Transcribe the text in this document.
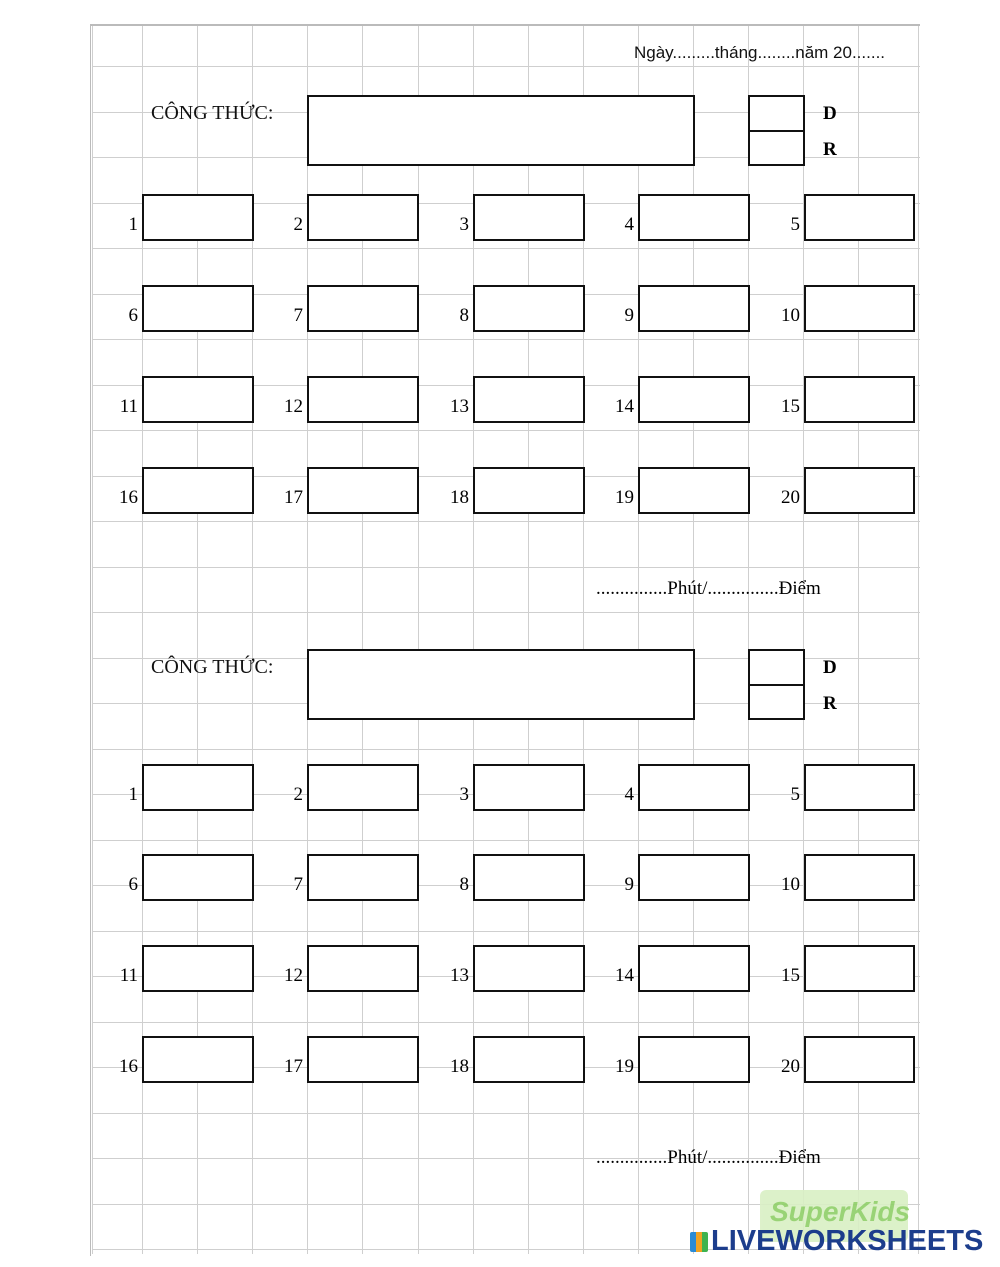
Ngày.........tháng........năm 20.......
CÔNG THỨC:	D
R
1	2	3	4	5
6	7	8	9	10
11	12	13	14	15
16	17	18	19	20
...............Phút/...............Điểm
CÔNG THỨC:	D
R
1	2	3	4	5
6	7	8	9	10
11	12	13	14	15
16	17	18	19	20
...............Phút/...............Điểm
SuperKids
LIVEWORKSHEETS
